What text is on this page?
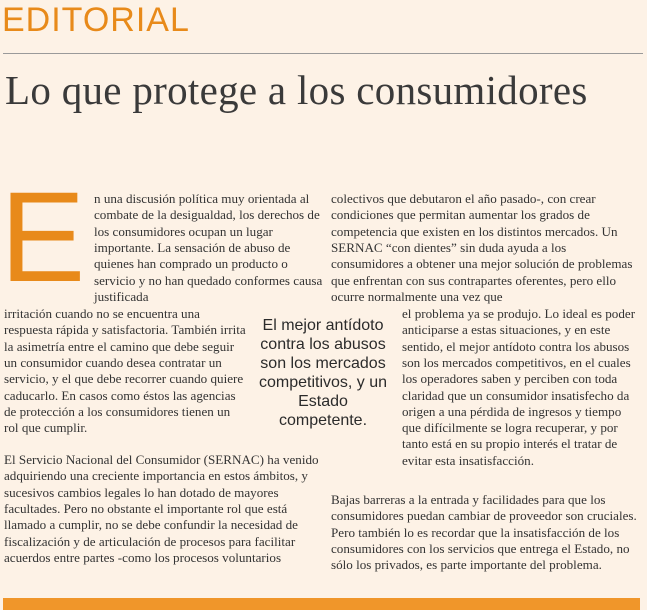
EDITORIAL
Lo que protege a los consumidores
E n una discusión política muy orientada al combate de la desigualdad, los derechos de los consumidores ocupan un lugar importante. La sensación de abuso de quienes han comprado un producto o servicio y no han quedado conformes causa justificada

irritación cuando no se encuentra una respuesta rápida y satisfactoria. También irrita la asimetría entre el camino que debe seguir un consumidor cuando desea contratar un servicio, y el que debe recorrer cuando quiere caducarlo. En casos como éstos las agencias de protección a los consumidores tienen un rol que cumplir.

El Servicio Nacional del Consumidor (SERNAC) ha venido adquiriendo una creciente importancia en estos ámbitos, y sucesivos cambios legales lo han dotado de mayores facultades. Pero no obstante el importante rol que está llamado a cumplir, no se debe confundir la necesidad de fiscalización y de articulación de procesos para facilitar acuerdos entre partes -como los procesos voluntarios

El mejor antídoto contra los abusos son los mercados competitivos, y un Estado competente.

colectivos que debutaron el año pasado-, con crear condiciones que permitan aumentar los grados de competencia que existen en los distintos mercados. Un SERNAC “con dientes” sin duda ayuda a los consumidores a obtener una mejor solución de problemas que enfrentan con sus contrapartes oferentes, pero ello ocurre normalmente una vez que

el problema ya se produjo. Lo ideal es poder anticiparse a estas situaciones, y en este sentido, el mejor antídoto contra los abusos son los mercados competitivos, en el cuales los operadores saben y perciben con toda claridad que un consumidor insatisfecho da origen a una pérdida de ingresos y tiempo que difícilmente se logra recuperar, y por tanto está en su propio interés el tratar de evitar esta insatisfacción.

Bajas barreras a la entrada y facilidades para que los consumidores puedan cambiar de proveedor son cruciales. Pero también lo es recordar que la insatisfacción de los consumidores con los servicios que entrega el Estado, no sólo los privados, es parte importante del problema.
